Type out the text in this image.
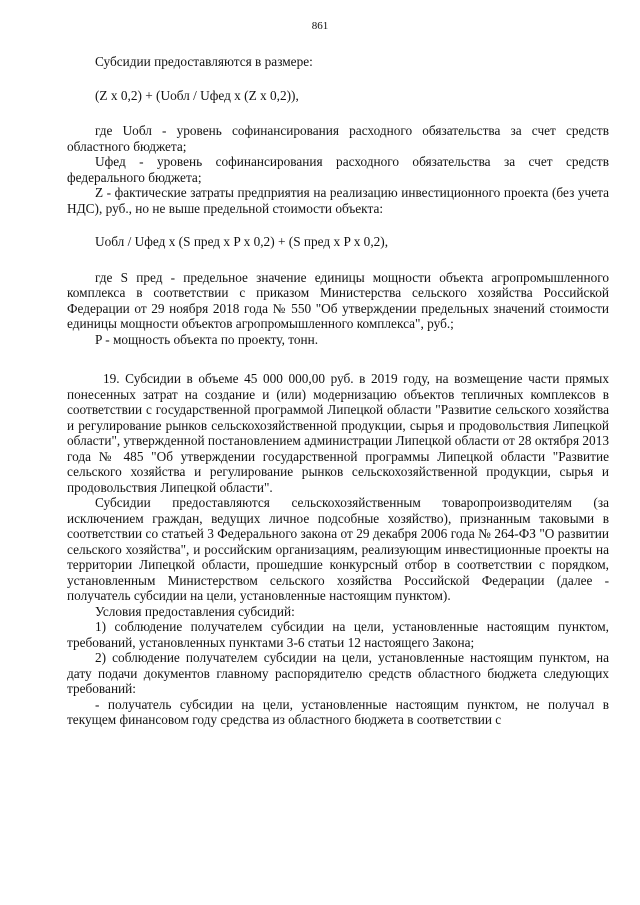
861

Субсидии предоставляются в размере:

(Z x 0,2) + (Uобл / Uфед x (Z x 0,2)),

где Uобл - уровень софинансирования расходного обязательства за счет средств областного бюджета;

Uфед - уровень софинансирования расходного обязательства за счет средств федерального бюджета;

Z - фактические затраты предприятия на реализацию инвестиционного проекта (без учета НДС), руб., но не выше предельной стоимости объекта:

Uобл / Uфед x (S пред x P x 0,2) + (S пред x P x 0,2),

где S пред - предельное значение единицы мощности объекта агропромышленного комплекса в соответствии с приказом Министерства сельского хозяйства Российской Федерации от 29 ноября 2018 года № 550 "Об утверждении предельных значений стоимости единицы мощности объектов агропромышленного комплекса", руб.;

P - мощность объекта по проекту, тонн.

19. Субсидии в объеме 45 000 000,00 руб. в 2019 году, на возмещение части прямых понесенных затрат на создание и (или) модернизацию объектов тепличных комплексов в соответствии с государственной программой Липецкой области "Развитие сельского хозяйства и регулирование рынков сельскохозяйственной продукции, сырья и продовольствия Липецкой области", утвержденной постановлением администрации Липецкой области от 28 октября 2013 года № 485 "Об утверждении государственной программы Липецкой области "Развитие сельского хозяйства и регулирование рынков сельскохозяйственной продукции, сырья и продовольствия Липецкой области".

Субсидии предоставляются сельскохозяйственным товаропроизводителям (за исключением граждан, ведущих личное подсобные хозяйство), признанным таковыми в соответствии со статьей 3 Федерального закона от 29 декабря 2006 года № 264-ФЗ "О развитии сельского хозяйства", и российским организациям, реализующим инвестиционные проекты на территории Липецкой области, прошедшие конкурсный отбор в соответствии с порядком, установленным Министерством сельского хозяйства Российской Федерации (далее - получатель субсидии на цели, установленные настоящим пунктом).

Условия предоставления субсидий:

1) соблюдение получателем субсидии на цели, установленные настоящим пунктом, требований, установленных пунктами 3-6 статьи 12 настоящего Закона;

2) соблюдение получателем субсидии на цели, установленные настоящим пунктом, на дату подачи документов главному распорядителю средств областного бюджета следующих требований:

- получатель субсидии на цели, установленные настоящим пунктом, не получал в текущем финансовом году средства из областного бюджета в соответствии с
